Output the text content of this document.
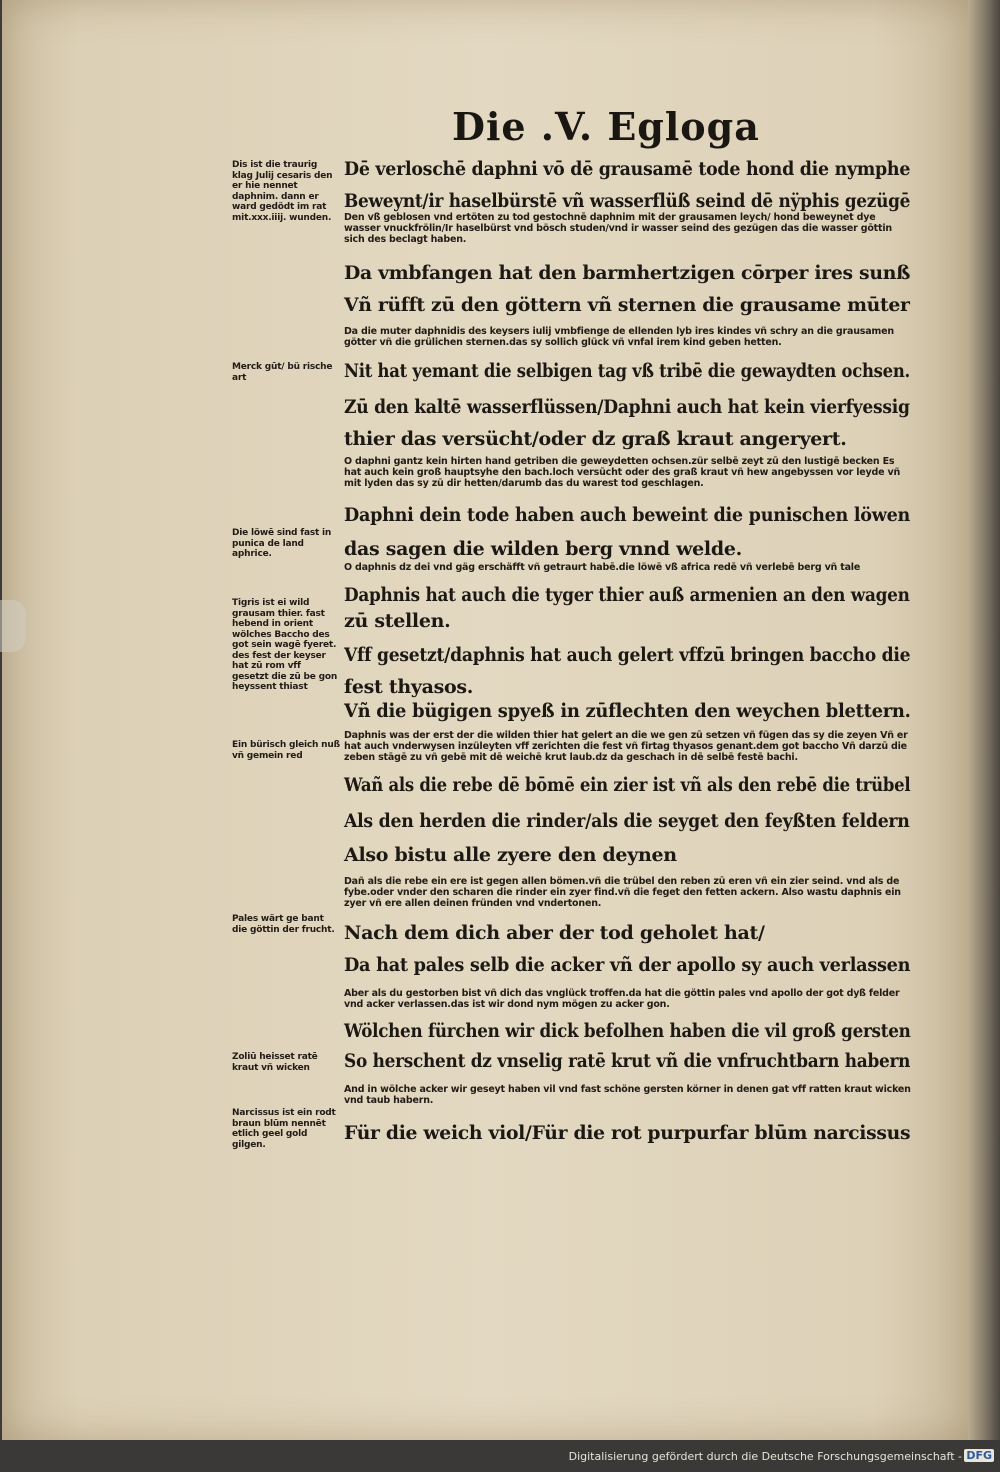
Die .V. Egloga
Dē verloschē daphni vō dē grausamē tode hond die nymphe
Beweynt/ir haselbürstē vñ wasserflüß seind dē nÿphis gezügē
Den vß geblosen vnd ertöten zu tod gestochnē daphnim mit der grausamen leych/ hond beweynet dye wasser vnuckfrölin/Ir haselbürst vnd bösch studen/vnd ir wasser seind des gezügen das die wasser gōttin sich des beclagt haben.
Da vmbfangen hat den barmhertzigen cōrper ires sunß
Vñ rüfft zū den göttern vñ sternen die grausame mūter
Da die muter daphnidis des keysers iulij vmbfienge de ellenden lyb ires kindes vñ schry an die grausamen götter vñ die grülichen sternen.das sy sollich glück vñ vnfal irem kind geben hetten.
Nit hat yemant die selbigen tag vß tribē die gewaydten ochsen.
Zū den kaltē wasserflüssen/Daphni auch hat kein vierfyessig
thier das versücht/oder dz graß kraut angeryert.
O daphni gantz kein hirten hand getriben die geweydetten ochsen.zür selbē zeyt zū den lustigē becken Es hat auch kein groß hauptsyhe den bach.loch versūcht oder des graß kraut vñ hew angebyssen vor leyde vñ mit lyden das sy zū dir hetten/darumb das du warest tod geschlagen.
Daphni dein tode haben auch beweint die punischen löwen
das sagen die wilden berg vnnd welde.
O daphnis dz dei vnd gäg erschäfft vñ getraurt habē.die löwē vß africa redē vñ verlebē berg vñ tale
Daphnis hat auch die tyger thier auß armenien an den wagen
zū stellen.
Vff gesetzt/daphnis hat auch gelert vffzū bringen baccho die
fest thyasos.
Vñ die bügigen spyeß in zūflechten den weychen blettern.
Daphnis was der erst der die wilden thier hat gelert an die we gen zū setzen vñ fügen das sy die zeyen Vñ er hat auch vnderwysen inzüleyten vff zerichten die fest vñ firtag thyasos genant.dem got baccho Vñ darzū die zeben stāgē zu vñ gebē mit dē weichē krut laub.dz da geschach in dē selbē festē bachi.
Wañ als die rebe dē bōmē ein zier ist vñ als den rebē die trübel
Als den herden die rinder/als die seyget den feyßten feldern
Also bistu alle zyere den deynen
Dañ als die rebe ein ere ist gegen allen bömen.vñ die trübel den reben zū eren vñ ein zier seind. vnd als de fybe.oder vnder den scharen die rinder ein zyer find.vñ die feget den fetten ackern. Also wastu daphnis ein zyer vñ ere allen deinen fründen vnd vndertonen.
Nach dem dich aber der tod geholet hat/
Da hat pales selb die acker vñ der apollo sy auch verlassen
Aber als du gestorben bist vñ dich das vnglück troffen.da hat die göttin pales vnd apollo der got dyß felder vnd acker verlassen.das ist wir dond nym mögen zu acker gon.
Wölchen fürchen wir dick befolhen haben die vil groß gersten
So herschent dz vnselig ratē krut vñ die vnfruchtbarn habern
And in wölche acker wir geseyt haben vil vnd fast schöne gersten körner in denen gat vff ratten kraut wicken vnd taub habern.
Für die weich viol/Für die rot purpurfar blūm narcissus
Dis ist die traurig klag Julij cesaris den er hie nennet daphnim. dann er ward gedödt im rat mit.xxx.iiij. wunden.
Merck gūt/ bü rische art
Die löwē sind fast in punica de land aphrice.
Tigris ist ei wild grausam thier. fast hebend in orient wölches Baccho des got sein wagē fyeret. des fest der keyser hat zū rom vff gesetzt die zū be gon heyssent thiast
Ein bürisch gleich nuß vñ gemein red
Pales wärt ge bant die göttin der frucht.
Zoliū heisset ratē kraut vñ wicken
Narcissus ist ein rodt braun blūm nennēt etlich geel gold gilgen.
Digitalisierung gefördert durch die Deutsche Forschungsgemeinschaft - DFG
